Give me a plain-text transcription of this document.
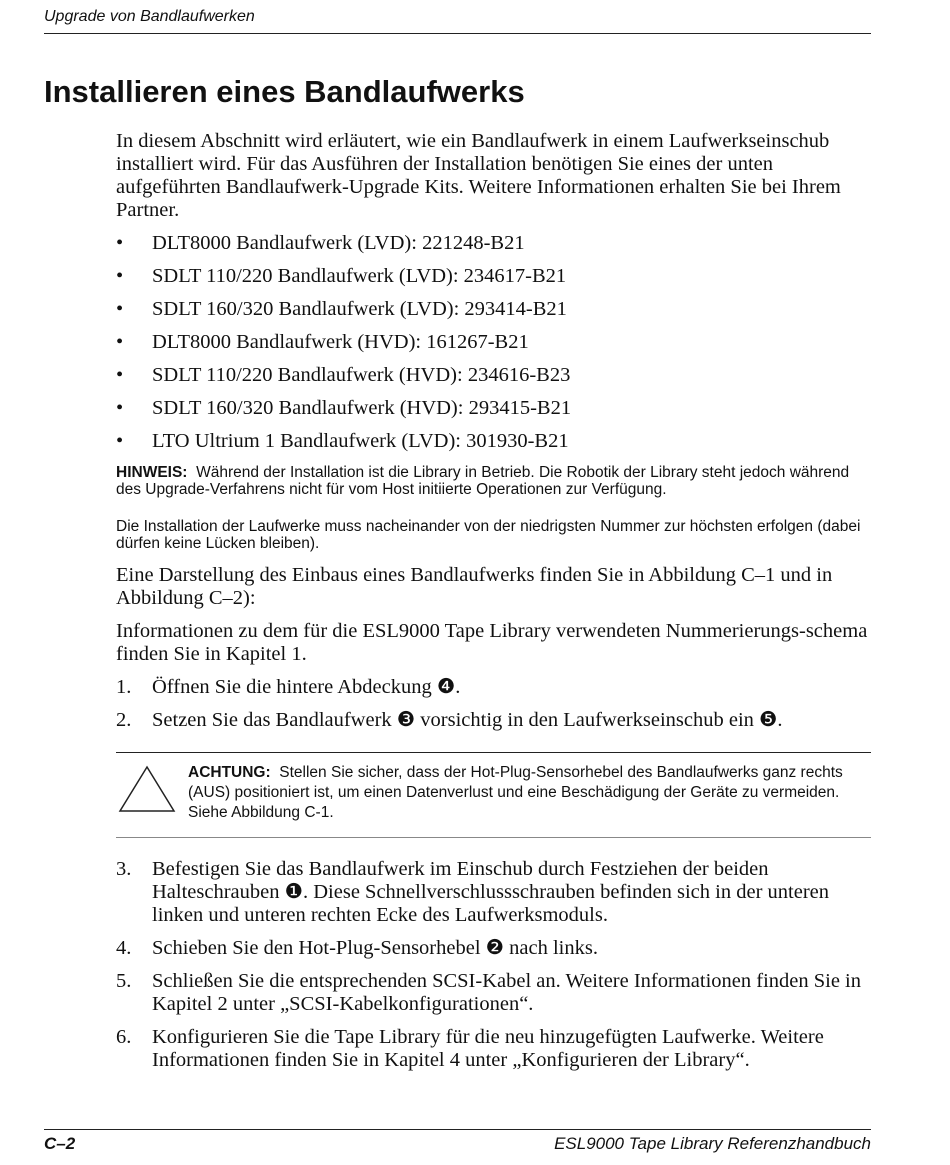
Upgrade von Bandlaufwerken
Installieren eines Bandlaufwerks

In diesem Abschnitt wird erläutert, wie ein Bandlaufwerk in einem Laufwerkseinschub installiert wird. Für das Ausführen der Installation benötigen Sie eines der unten aufgeführten Bandlaufwerk-Upgrade Kits. Weitere Informationen erhalten Sie bei Ihrem Partner.

• DLT8000 Bandlaufwerk (LVD): 221248-B21
• SDLT 110/220 Bandlaufwerk (LVD): 234617-B21
• SDLT 160/320 Bandlaufwerk (LVD): 293414-B21
• DLT8000 Bandlaufwerk (HVD): 161267-B21
• SDLT 110/220 Bandlaufwerk (HVD): 234616-B23
• SDLT 160/320 Bandlaufwerk (HVD): 293415-B21
• LTO Ultrium 1 Bandlaufwerk (LVD): 301930-B21

HINWEIS: Während der Installation ist die Library in Betrieb. Die Robotik der Library steht jedoch während des Upgrade-Verfahrens nicht für vom Host initiierte Operationen zur Verfügung.

Die Installation der Laufwerke muss nacheinander von der niedrigsten Nummer zur höchsten erfolgen (dabei dürfen keine Lücken bleiben).

Eine Darstellung des Einbaus eines Bandlaufwerks finden Sie in Abbildung C–1 und in Abbildung C–2):

Informationen zu dem für die ESL9000 Tape Library verwendeten Nummerierungs-schema finden Sie in Kapitel 1.

1. Öffnen Sie die hintere Abdeckung ❹.
2. Setzen Sie das Bandlaufwerk ❸ vorsichtig in den Laufwerkseinschub ein ❺.

ACHTUNG: Stellen Sie sicher, dass der Hot-Plug-Sensorhebel des Bandlaufwerks ganz rechts (AUS) positioniert ist, um einen Datenverlust und eine Beschädigung der Geräte zu vermeiden. Siehe Abbildung C-1.

3. Befestigen Sie das Bandlaufwerk im Einschub durch Festziehen der beiden Halteschrauben ❶. Diese Schnellverschlussschrauben befinden sich in der unteren linken und unteren rechten Ecke des Laufwerksmoduls.
4. Schieben Sie den Hot-Plug-Sensorhebel ❷ nach links.
5. Schließen Sie die entsprechenden SCSI-Kabel an. Weitere Informationen finden Sie in Kapitel 2 unter „SCSI-Kabelkonfigurationen“.
6. Konfigurieren Sie die Tape Library für die neu hinzugefügten Laufwerke. Weitere Informationen finden Sie in Kapitel 4 unter „Konfigurieren der Library“.
C–2	ESL9000 Tape Library Referenzhandbuch
